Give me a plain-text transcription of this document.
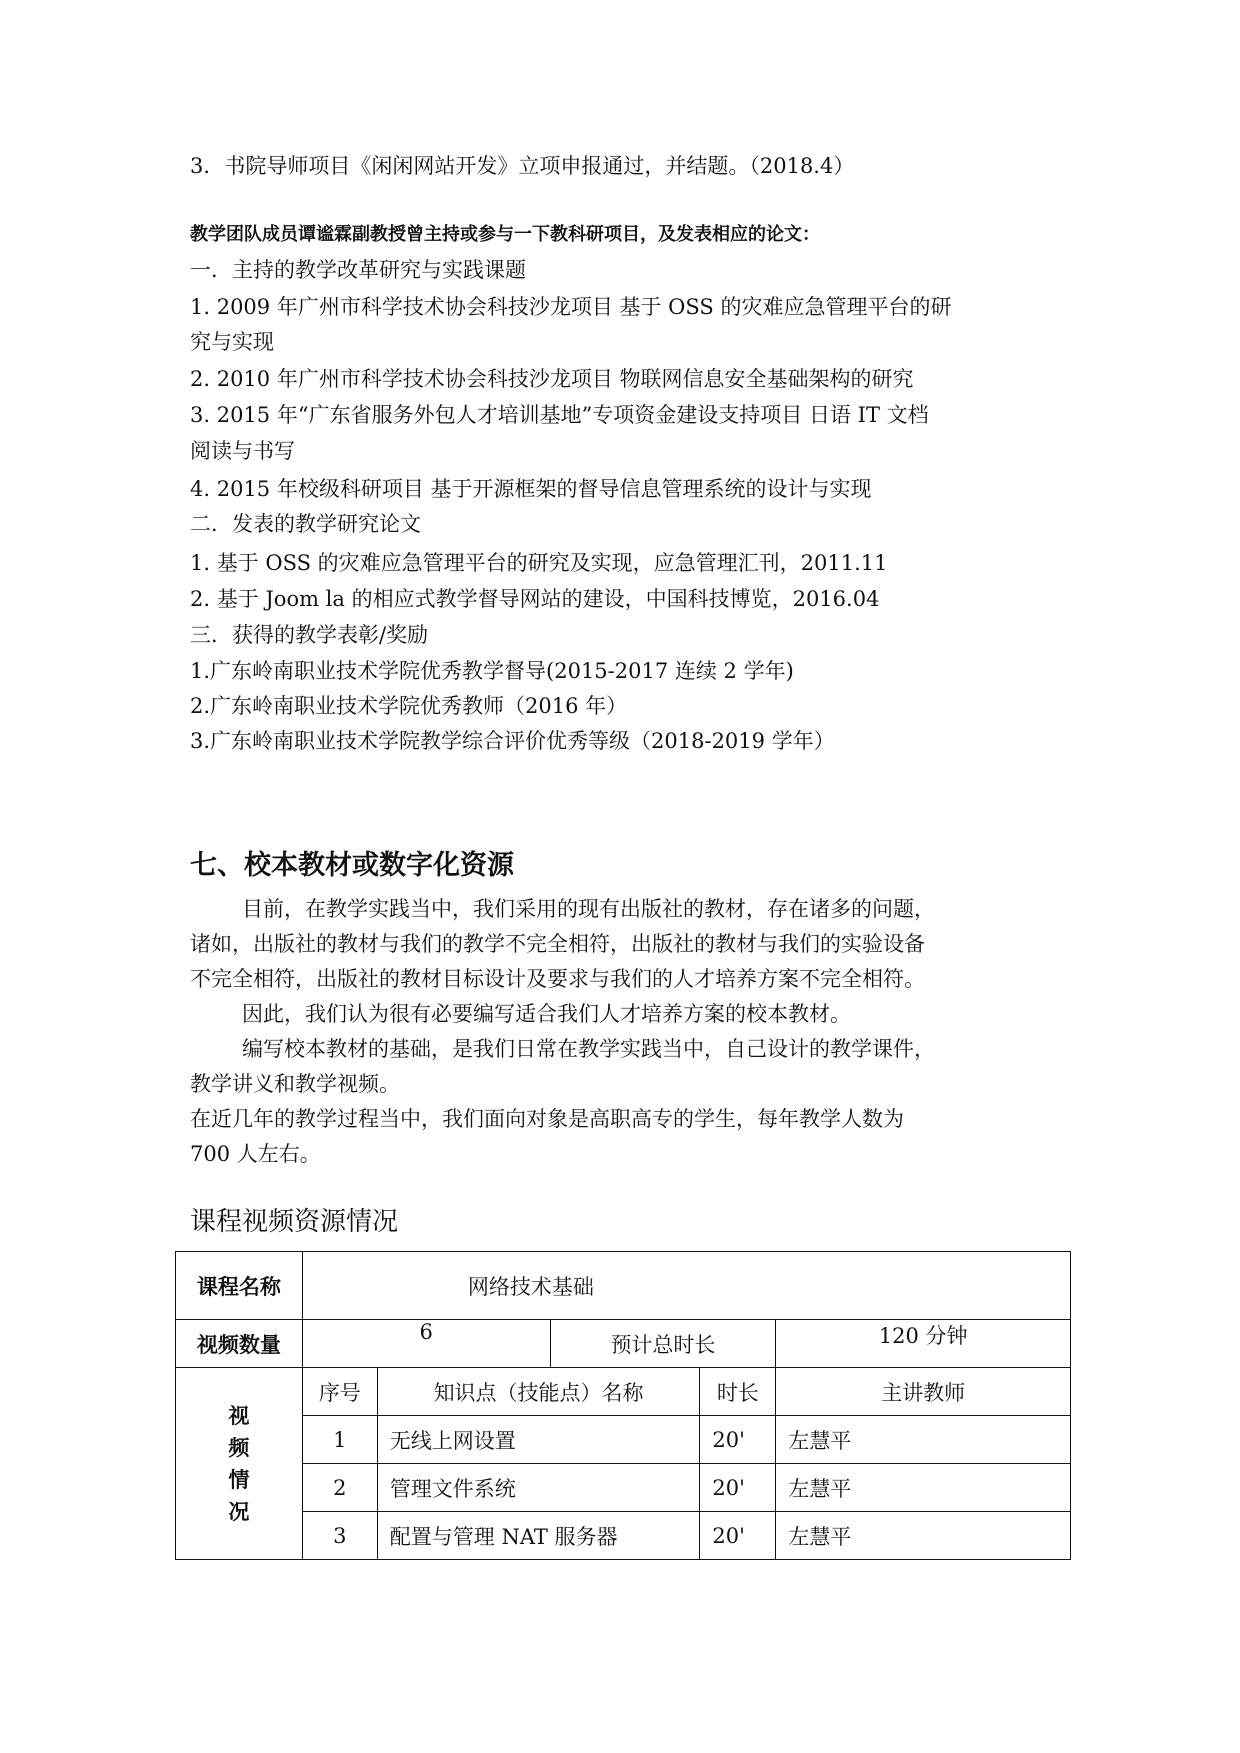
3．书院导师项目《闲闲网站开发》立项申报通过，并结题。（2018.4）
教学团队成员谭谧霖副教授曾主持或参与一下教科研项目，及发表相应的论文：
一．主持的教学改革研究与实践课题
1. 2009 年广州市科学技术协会科技沙龙项目 基于 OSS 的灾难应急管理平台的研
究与实现
2. 2010 年广州市科学技术协会科技沙龙项目 物联网信息安全基础架构的研究
3. 2015 年“广东省服务外包人才培训基地”专项资金建设支持项目 日语 IT 文档
阅读与书写
4. 2015 年校级科研项目 基于开源框架的督导信息管理系统的设计与实现
二．发表的教学研究论文
1. 基于 OSS 的灾难应急管理平台的研究及实现，应急管理汇刊，2011.11
2. 基于 Joom la 的相应式教学督导网站的建设，中国科技博览，2016.04
三．获得的教学表彰/奖励
1.广东岭南职业技术学院优秀教学督导(2015-2017 连续 2 学年)
2.广东岭南职业技术学院优秀教师（2016 年）
3.广东岭南职业技术学院教学综合评价优秀等级（2018-2019 学年）
七、校本教材或数字化资源
目前，在教学实践当中，我们采用的现有出版社的教材，存在诸多的问题，
诸如，出版社的教材与我们的教学不完全相符，出版社的教材与我们的实验设备
不完全相符，出版社的教材目标设计及要求与我们的人才培养方案不完全相符。
因此，我们认为很有必要编写适合我们人才培养方案的校本教材。
编写校本教材的基础，是我们日常在教学实践当中，自己设计的教学课件，
教学讲义和教学视频。
在近几年的教学过程当中，我们面向对象是高职高专的学生，每年教学人数为
700 人左右。
课程视频资源情况
课程名称	网络技术基础				
视频数量	6		预计总时长		120 分钟

视
频
情
况	序号	知识点（技能点）名称		时长	主讲教师
	1	无线上网设置		20'	左慧平
	2	管理文件系统		20'	左慧平
	3	配置与管理 NAT 服务器		20'	左慧平
